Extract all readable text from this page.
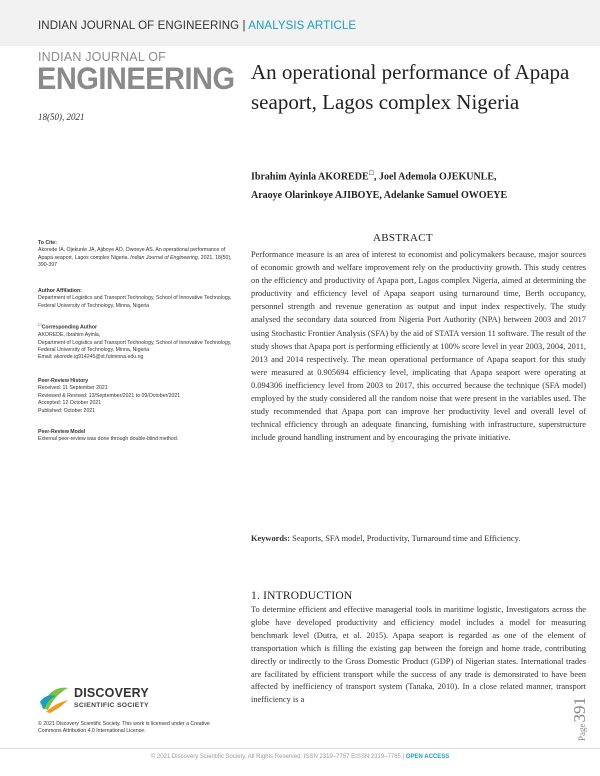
INDIAN JOURNAL OF ENGINEERING | ANALYSIS ARTICLE
INDIAN JOURNAL OF
ENGINEERING
18(50), 2021
An operational performance of Apapa seaport, Lagos complex Nigeria
Ibrahim Ayinla AKOREDE☐, Joel Ademola OJEKUNLE,
Araoye Olarinkoye AJIBOYE, Adelanke Samuel OWOEYE
To Cite:
Akorede IA, Ojekunle JA, Ajiboye AO, Owoeye AS. An operational performance of Apapa seaport, Lagos complex Nigeria. Indian Journal of Engineering, 2021, 18(50), 390-397
Author Affiliation:
Department of Logistics and Transport Technology, School of Innovative Technology, Federal University of Technology, Minna, Nigeria
☐Corresponding Author
AKOREDE, Ibrahim Ayinla,
Department of Logistics and Transport Technology, School of Innovative Technology, Federal University of Technology, Minna, Nigeria
Email: akorede.ig914245@st.futminna.edu.ng
Peer-Review History
Received: 11 September 2021
Reviewed & Revised: 13/September/2021 to 09/October/2021
Accepted: 12 October 2021
Published: October 2021
Peer-Review Model
External peer-review was done through double-blind method.
ABSTRACT
Performance measure is an area of interest to economist and policymakers because, major sources of economic growth and welfare improvement rely on the productivity growth. This study centres on the efficiency and productivity of Apapa port, Lagos complex Nigeria, aimed at determining the productivity and efficiency level of Apapa seaport using turnaround time, Berth occupancy, personnel strength and revenue generation as output and input index respectively. The study analysed the secondary data sourced from Nigeria Port Authority (NPA) between 2003 and 2017 using Stochastic Frontier Analysis (SFA) by the aid of STATA version 11 software. The result of the study shows that Apapa port is performing efficiently at 100% score level in year 2003, 2004, 2011, 2013 and 2014 respectively. The mean operational performance of Apapa seaport for this study were measured at 0.905694 efficiency level, implicating that Apapa seaport were operating at 0.094306 inefficiency level from 2003 to 2017, this occurred because the technique (SFA model) employed by the study considered all the random noise that were present in the variables used. The study recommended that Apapa port can improve her productivity level and overall level of technical efficiency through an adequate financing, furnishing with infrastructure, superstructure include ground handling instrument and by encouraging the private initiative.
Keywords: Seaports, SFA model, Productivity, Turnaround time and Efficiency.
1. INTRODUCTION
To determine efficient and effective managerial tools in maritime logistic, Investigators across the globe have developed productivity and efficiency model includes a model for measuring benchmark level (Dutra, et al. 2015). Apapa seaport is regarded as one of the element of transportation which is filling the existing gap between the foreign and home trade, contributing directly or indirectly to the Gross Domestic Product (GDP) of Nigerian states. International trades are facilitated by efficient transport while the success of any trade is demonstrated to have been affected by inefficiency of transport system (Tanaka, 2010). In a close related manner, transport inefficiency is a
DISCOVERY
SCIENTIFIC SOCIETY
© 2021 Discovery Scientific Society. This work is licensed under a Creative Commons Attribution 4.0 International License.	Page391
© 2021 Discovery Scientific Society. All Rights Reserved. ISSN 2319–7757 EISSN 2319–7765 | OPEN ACCESS
